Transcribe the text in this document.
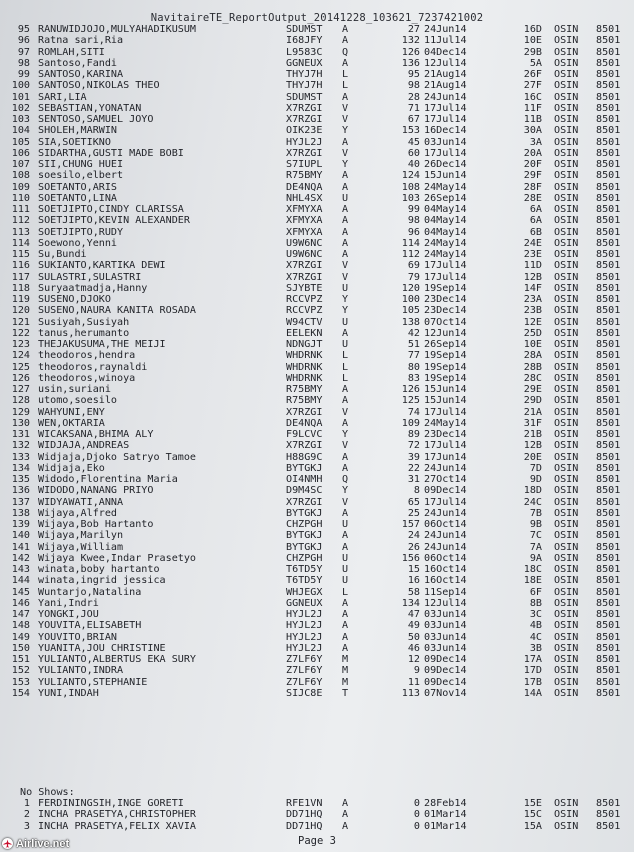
NavitaireTE_ReportOutput_20141228_103621_7237421002
95 RANUWIDJOJO,MULYAHADIKUSUM	SDUMST A	27 24Jun14	16D OSIN 8501
96 Ratna sari,Ria	I68JFY A	132 11Jul14	10E OSIN 8501
97 ROMLAH,SITI	L9583C Q	126 04Dec14	29B OSIN 8501
98 Santoso,Fandi	GGNEUX A	136 12Jul14	5A OSIN 8501
99 SANTOSO,KARINA	THYJ7H L	95 21Aug14	26F OSIN 8501
100 SANTOSO,NIKOLAS THEO	THYJ7H L	98 21Aug14	27F OSIN 8501
101 SARI,LIA	SDUMST A	28 24Jun14	16C OSIN 8501
102 SEBASTIAN,YONATAN	X7RZGI V	71 17Jul14	11F OSIN 8501
103 SENTOSO,SAMUEL JOYO	X7RZGI V	67 17Jul14	11B OSIN 8501
104 SHOLEH,MARWIN	OIK23E Y	153 16Dec14	30A OSIN 8501
105 SIA,SOETIKNO	HYJL2J A	45 03Jun14	3A OSIN 8501
106 SIDARTHA,GUSTI MADE BOBI	X7RZGI V	60 17Jul14	20A OSIN 8501
107 SII,CHUNG HUEI	S7IUPL Y	40 26Dec14	20F OSIN 8501
108 soesilo,elbert	R75BMY A	124 15Jun14	29F OSIN 8501
109 SOETANTO,ARIS	DE4NQA A	108 24May14	28F OSIN 8501
110 SOETANTO,LINA	NHL4SX U	103 26Sep14	28E OSIN 8501
111 SOETJIPTO,CINDY CLARISSA	XFMYXA A	99 04May14	6A OSIN 8501
112 SOETJIPTO,KEVIN ALEXANDER	XFMYXA A	98 04May14	6A OSIN 8501
113 SOETJIPTO,RUDY	XFMYXA A	96 04May14	6B OSIN 8501
114 Soewono,Yenni	U9W6NC A	114 24May14	24E OSIN 8501
115 Su,Bundi	U9W6NC A	112 24May14	23E OSIN 8501
116 SUKIANTO,KARTIKA DEWI	X7RZGI V	69 17Jul14	11D OSIN 8501
117 SULASTRI,SULASTRI	X7RZGI V	79 17Jul14	12B OSIN 8501
118 Suryaatmadja,Hanny	SJYBTE U	120 19Sep14	14F OSIN 8501
119 SUSENO,DJOKO	RCCVPZ Y	100 23Dec14	23A OSIN 8501
120 SUSENO,NAURA KANITA ROSADA	RCCVPZ Y	105 23Dec14	23B OSIN 8501
121 Susiyah,Susiyah	W94CTV U	138 07Oct14	12E OSIN 8501
122 tanus,herumanto	EELEKN A	42 12Jun14	25D OSIN 8501
123 THEJAKUSUMA,THE MEIJI	NDNGJT U	51 26Sep14	10E OSIN 8501
124 theodoros,hendra	WHDRNK L	77 19Sep14	28A OSIN 8501
125 theodoros,raynaldi	WHDRNK L	80 19Sep14	28B OSIN 8501
126 theodoros,winoya	WHDRNK L	83 19Sep14	28C OSIN 8501
127 usin,suriani	R75BMY A	126 15Jun14	29E OSIN 8501
128 utomo,soesilo	R75BMY A	125 15Jun14	29D OSIN 8501
129 WAHYUNI,ENY	X7RZGI V	74 17Jul14	21A OSIN 8501
130 WEN,OKTARIA	DE4NQA A	109 24May14	31F OSIN 8501
131 WICAKSANA,BHIMA ALY	F9LCVC Y	89 23Dec14	21B OSIN 8501
132 WIDJAJA,ANDREAS	X7RZGI V	72 17Jul14	12B OSIN 8501
133 Widjaja,Djoko Satryo Tamoe	H88G9C A	39 17Jun14	20E OSIN 8501
134 Widjaja,Eko	BYTGKJ A	22 24Jun14	7D OSIN 8501
135 Widodo,Florentina Maria	OI4NMH Q	31 27Oct14	9D OSIN 8501
136 WIDODO,NANANG PRIYO	D9M4SC Y	8 09Dec14	18D OSIN 8501
137 WIDYAWATI,ANNA	X7RZGI V	65 17Jul14	24C OSIN 8501
138 Wijaya,Alfred	BYTGKJ A	25 24Jun14	7B OSIN 8501
139 Wijaya,Bob Hartanto	CHZPGH U	157 06Oct14	9B OSIN 8501
140 Wijaya,Marilyn	BYTGKJ A	24 24Jun14	7C OSIN 8501
141 Wijaya,William	BYTGKJ A	26 24Jun14	7A OSIN 8501
142 Wijaya Kwee,Indar Prasetyo	CHZPGH U	156 06Oct14	9A OSIN 8501
143 winata,boby hartanto	T6TD5Y U	15 16Oct14	18C OSIN 8501
144 winata,ingrid jessica	T6TD5Y U	16 16Oct14	18E OSIN 8501
145 Wuntarjo,Natalina	WHJEGX L	58 11Sep14	6F OSIN 8501
146 Yani,Indri	GGNEUX A	134 12Jul14	8B OSIN 8501
147 YONGKI,JOU	HYJL2J A	47 03Jun14	3C OSIN 8501
148 YOUVITA,ELISABETH	HYJL2J A	49 03Jun14	4B OSIN 8501
149 YOUVITO,BRIAN	HYJL2J A	50 03Jun14	4C OSIN 8501
150 YUANITA,JOU CHRISTINE	HYJL2J A	46 03Jun14	3B OSIN 8501
151 YULIANTO,ALBERTUS EKA SURY	Z7LF6Y M	12 09Dec14	17A OSIN 8501
152 YULIANTO,INDRA	Z7LF6Y M	9 09Dec14	17D OSIN 8501
153 YULIANTO,STEPHANIE	Z7LF6Y M	11 09Dec14	17B OSIN 8501
154 YUNI,INDAH	SIJC8E T	113 07Nov14	14A OSIN 8501
No Shows:
1 FERDININGSIH,INGE GORETI	RFE1VN A	0 28Feb14	15E OSIN 8501
2 INCHA PRASETYA,CHRISTOPHER	DD71HQ A	0 01Mar14	15C OSIN 8501
3 INCHA PRASETYA,FELIX XAVIA	DD71HQ A	0 01Mar14	15A OSIN 8501
Page 3
Airlive.net
